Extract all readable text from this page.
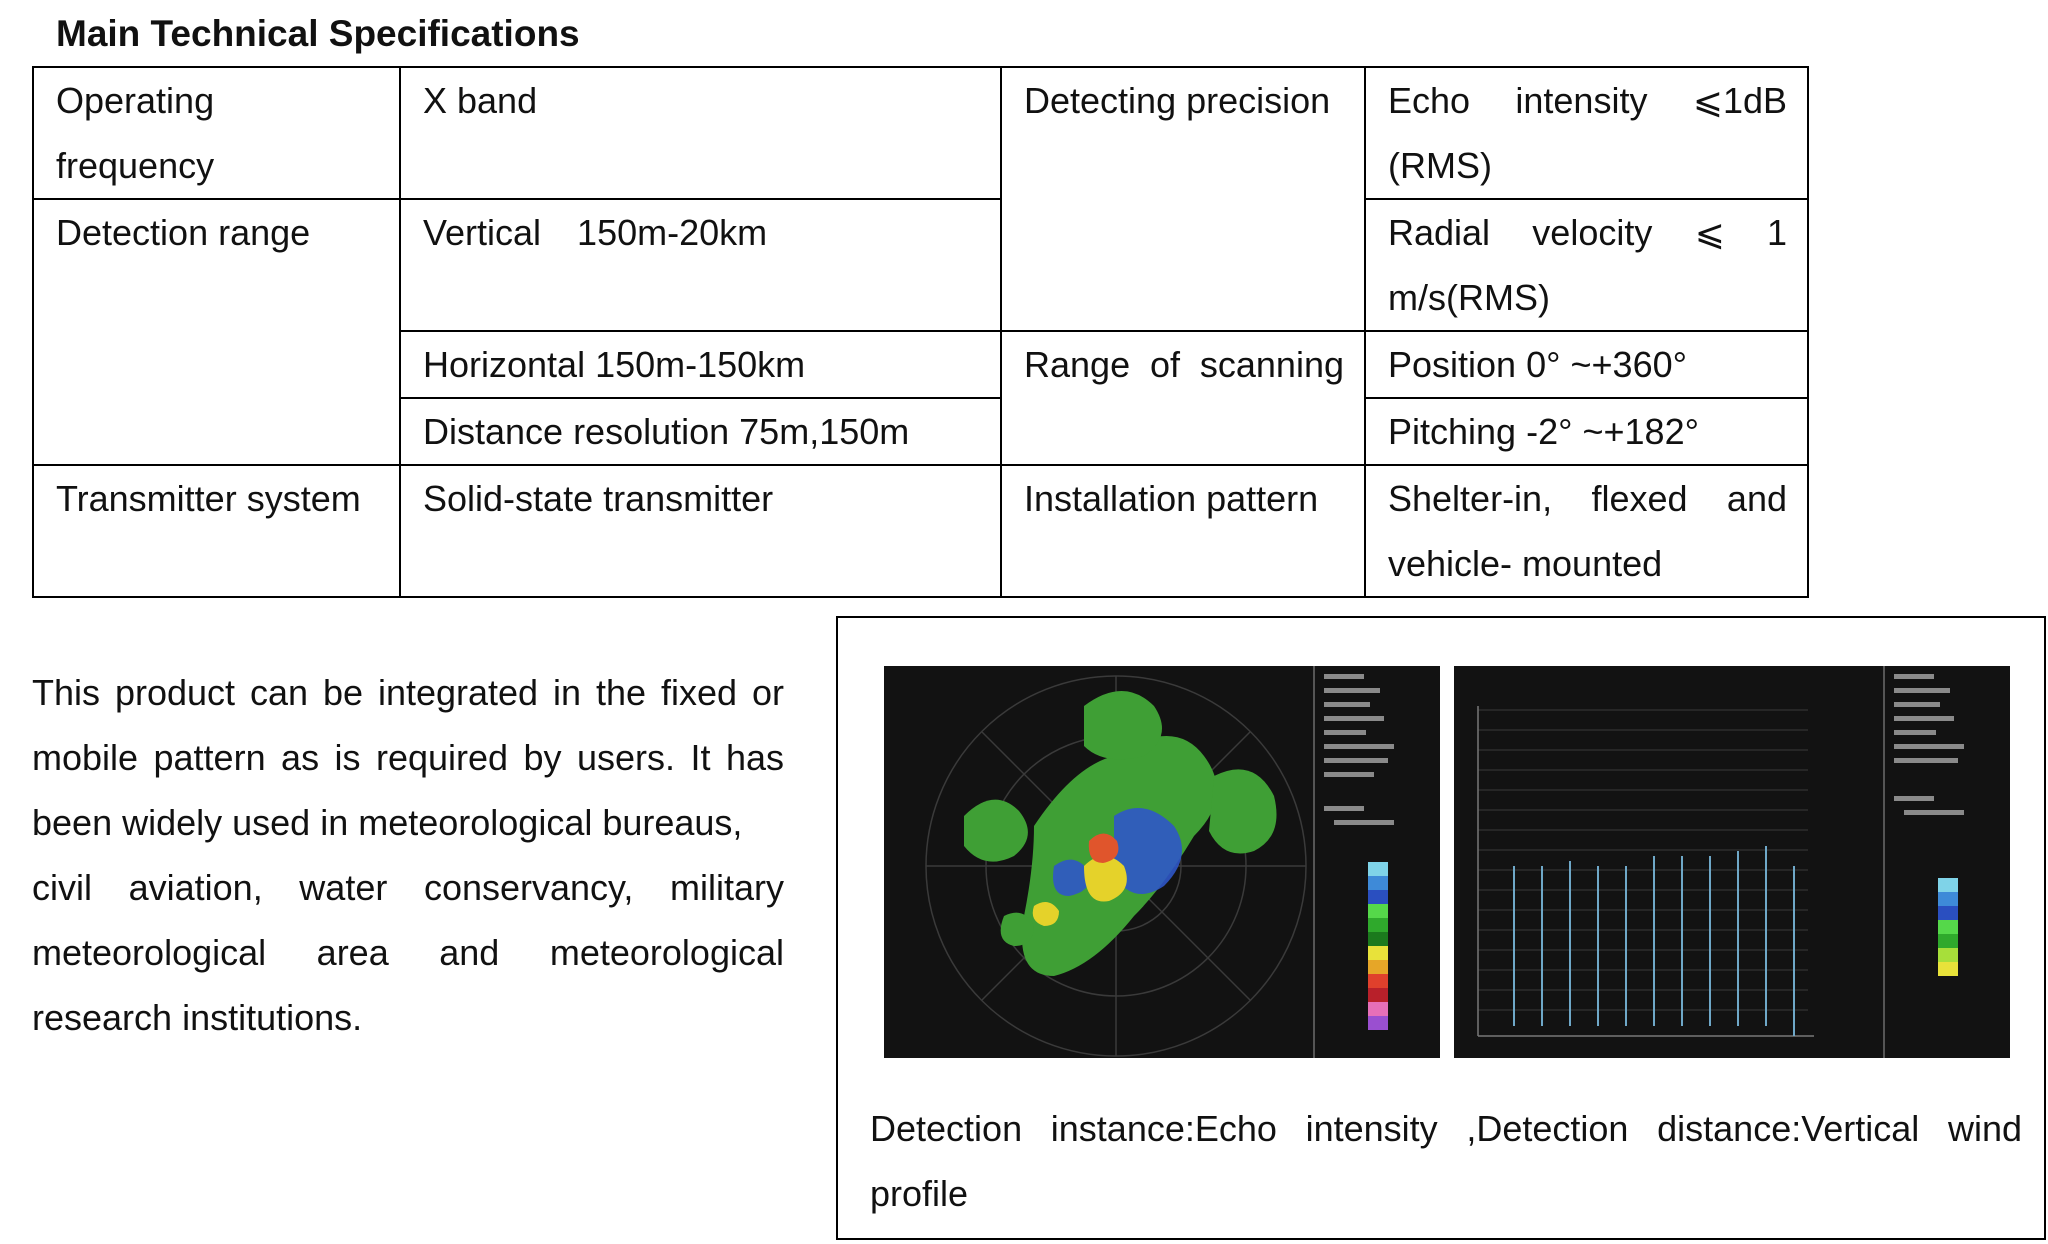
Main Technical Specifications
Operating frequency	X band	Detecting precision	Echo intensity ⩽1dB (RMS)
Detection range	Vertical 150m-20km		Radial velocity ⩽ 1 m/s(RMS)
	Horizontal 150m-150km	Range of scanning	Position 0° ~+360°
	Distance resolution 75m,150m		Pitching -2° ~+182°
Transmitter system	Solid-state transmitter	Installation pattern	Shelter-in, flexed and vehicle- mounted

This product can be integrated in the fixed or mobile pattern as is required by users. It has been widely used in meteorological bureaus,

civil aviation, water conservancy, military meteorological area and meteorological research institutions.

Detection instance:Echo intensity ,Detection distance:Vertical wind profile
